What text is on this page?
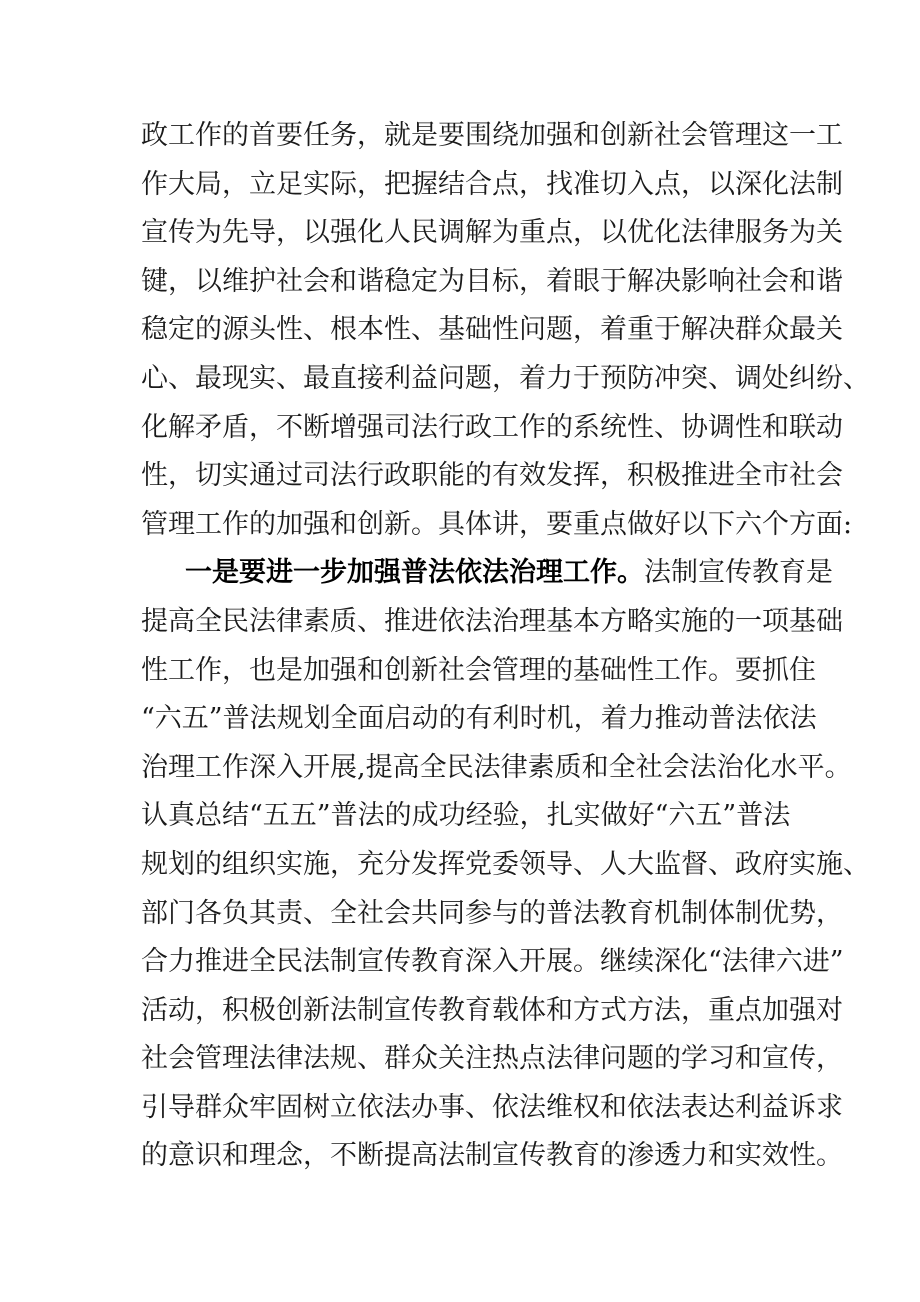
政工作的首要任务，就是要围绕加强和创新社会管理这一工
作大局，立足实际，把握结合点，找准切入点，以深化法制
宣传为先导，以强化人民调解为重点，以优化法律服务为关
键，以维护社会和谐稳定为目标，着眼于解决影响社会和谐
稳定的源头性、根本性、基础性问题，着重于解决群众最关
心、最现实、最直接利益问题，着力于预防冲突、调处纠纷、
化解矛盾，不断增强司法行政工作的系统性、协调性和联动
性，切实通过司法行政职能的有效发挥，积极推进全市社会
管理工作的加强和创新。具体讲，要重点做好以下六个方面:
一是要进一步加强普法依法治理工作。法制宣传教育是
提高全民法律素质、推进依法治理基本方略实施的一项基础
性工作，也是加强和创新社会管理的基础性工作。要抓住
“六五”普法规划全面启动的有利时机，着力推动普法依法
治理工作深入开展,提高全民法律素质和全社会法治化水平。
认真总结“五五”普法的成功经验，扎实做好“六五”普法
规划的组织实施，充分发挥党委领导、人大监督、政府实施、
部门各负其责、全社会共同参与的普法教育机制体制优势，
合力推进全民法制宣传教育深入开展。继续深化“法律六进”
活动，积极创新法制宣传教育载体和方式方法，重点加强对
社会管理法律法规、群众关注热点法律问题的学习和宣传，
引导群众牢固树立依法办事、依法维权和依法表达利益诉求
的意识和理念，不断提高法制宣传教育的渗透力和实效性。
